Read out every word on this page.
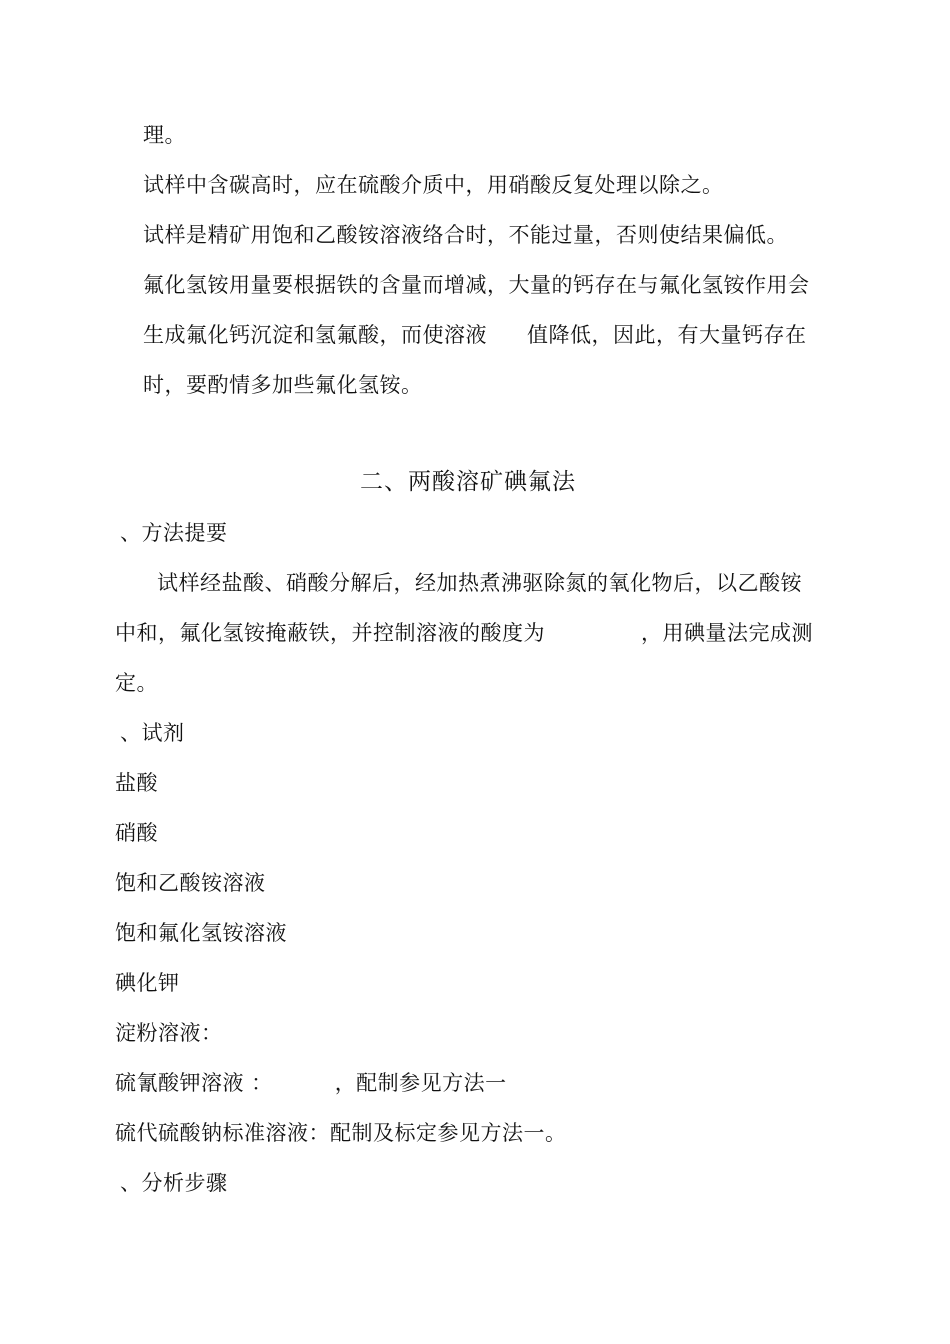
理。
试样中含碳高时，应在硫酸介质中，用硝酸反复处理以除之。
试样是精矿用饱和乙酸铵溶液络合时，不能过量，否则使结果偏低。
氟化氢铵用量要根据铁的含量而增减，大量的钙存在与氟化氢铵作用会
生成氟化钙沉淀和氢氟酸，而使溶液 值降低，因此，有大量钙存在
时，要酌情多加些氟化氢铵。
二、两酸溶矿碘氟法
、方法提要
试样经盐酸、硝酸分解后，经加热煮沸驱除氮的氧化物后，以乙酸铵
中和，氟化氢铵掩蔽铁，并控制溶液的酸度为	，用碘量法完成测
定。
、试剂
盐酸
硝酸
饱和乙酸铵溶液
饱和氟化氢铵溶液
碘化钾
淀粉溶液：
硫氰酸钾溶液 ：	，配制参见方法一
硫代硫酸钠标准溶液：配制及标定参见方法一。
、分析步骤
